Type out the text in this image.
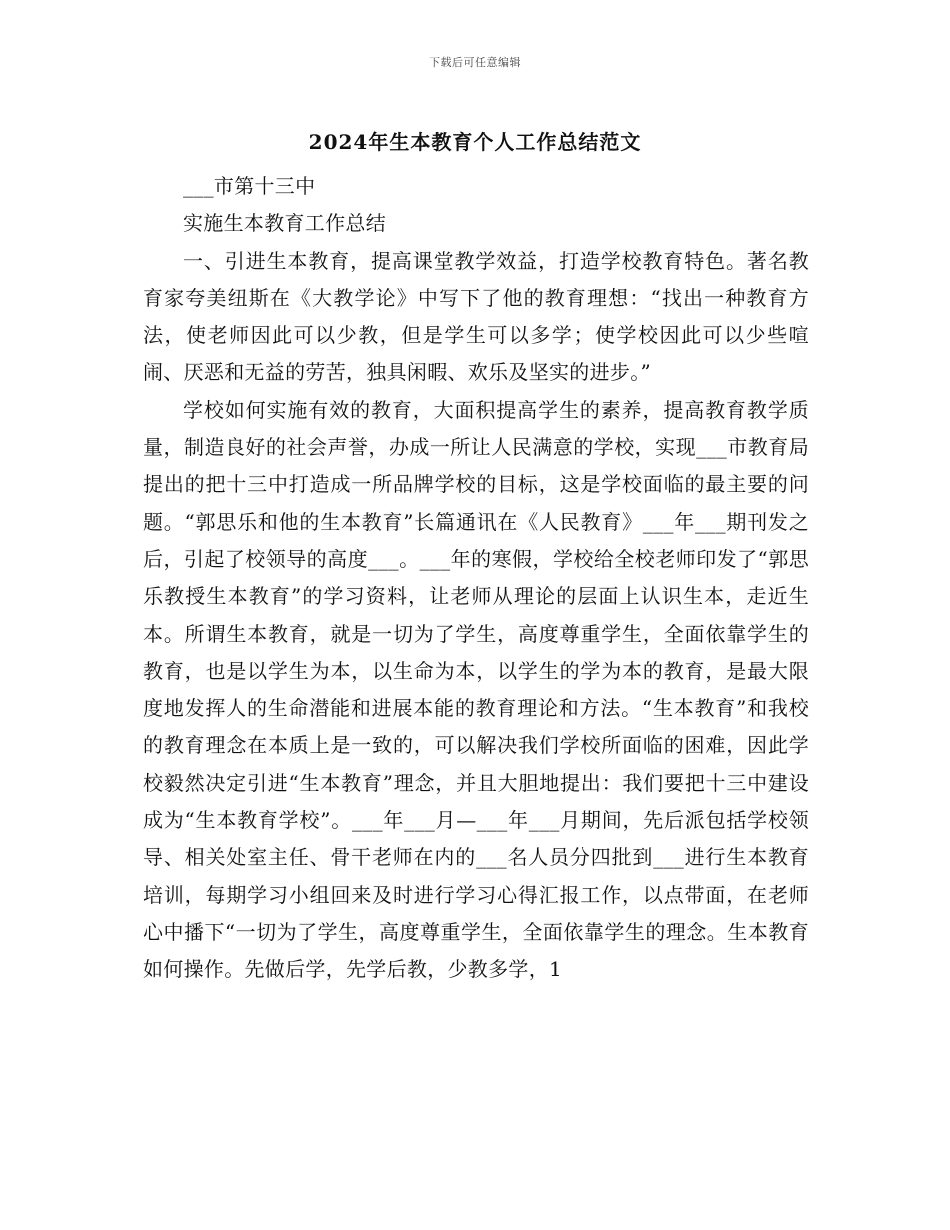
下载后可任意编辑
2024年生本教育个人工作总结范文

___市第十三中

实施生本教育工作总结

一、引进生本教育，提高课堂教学效益，打造学校教育特色。著名教育家夸美纽斯在《大教学论》中写下了他的教育理想：“找出一种教育方法，使老师因此可以少教，但是学生可以多学；使学校因此可以少些喧闹、厌恶和无益的劳苦，独具闲暇、欢乐及坚实的进步。”

学校如何实施有效的教育，大面积提高学生的素养，提高教育教学质量，制造良好的社会声誉，办成一所让人民满意的学校，实现___市教育局提出的把十三中打造成一所品牌学校的目标，这是学校面临的最主要的问题。“郭思乐和他的生本教育”长篇通讯在《人民教育》___年___期刊发之后，引起了校领导的高度___。___年的寒假，学校给全校老师印发了“郭思乐教授生本教育”的学习资料，让老师从理论的层面上认识生本，走近生本。所谓生本教育，就是一切为了学生，高度尊重学生，全面依靠学生的教育，也是以学生为本，以生命为本，以学生的学为本的教育，是最大限度地发挥人的生命潜能和进展本能的教育理论和方法。“生本教育”和我校的教育理念在本质上是一致的，可以解决我们学校所面临的困难，因此学校毅然决定引进“生本教育”理念，并且大胆地提出：我们要把十三中建设成为“生本教育学校”。___年___月—___年___月期间，先后派包括学校领导、相关处室主任、骨干老师在内的___名人员分四批到___进行生本教育培训，每期学习小组回来及时进行学习心得汇报工作，以点带面，在老师心中播下“一切为了学生，高度尊重学生，全面依靠学生的理念。生本教育如何操作。先做后学，先学后教，少教多学，1
